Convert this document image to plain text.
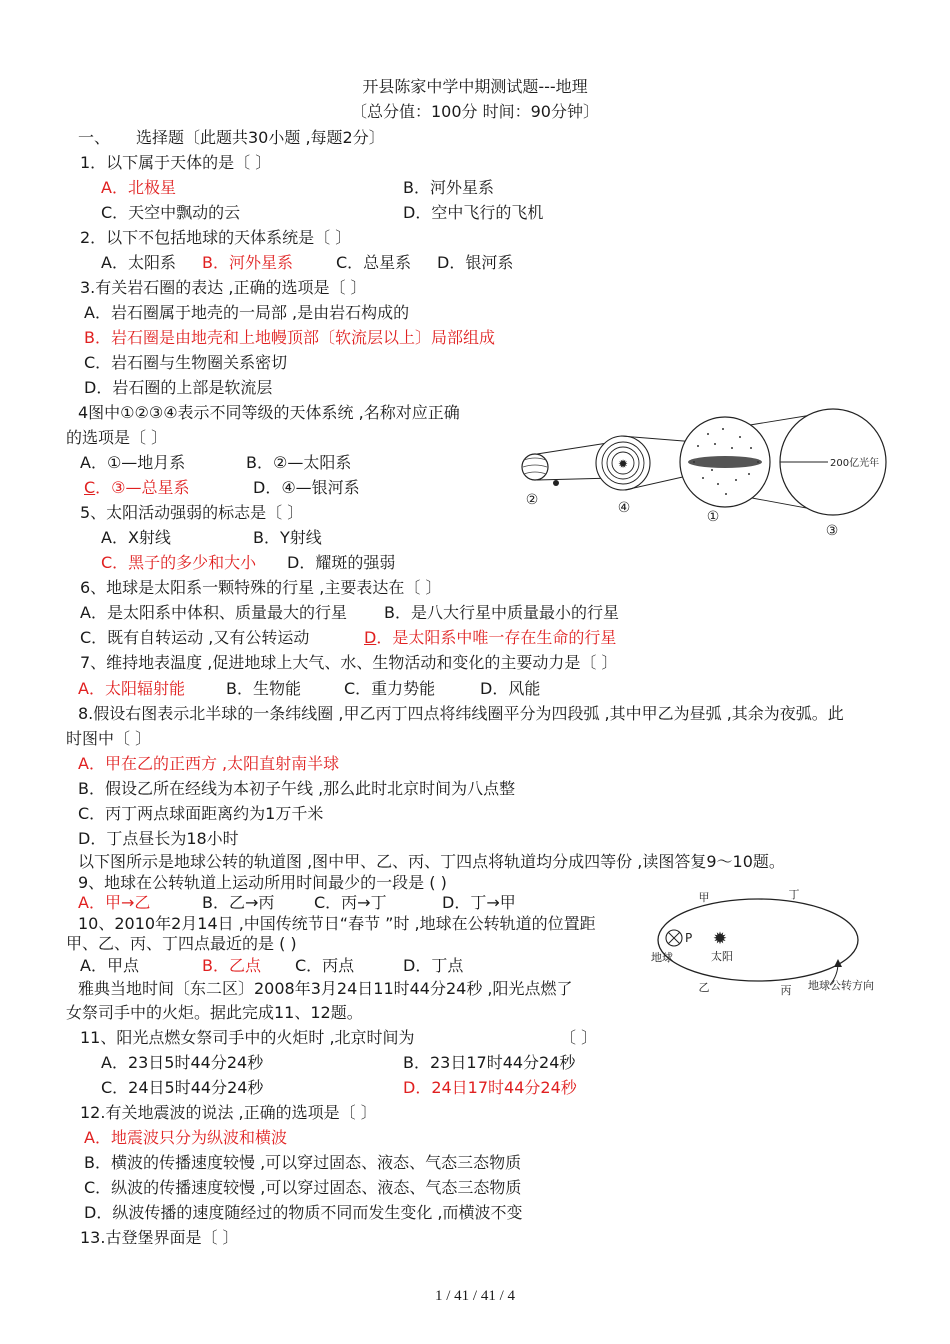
开县陈家中学中期测试题---地理
〔总分值：100分 时间：90分钟〕
一、 选择题〔此题共30小题 ,每题2分〕
1．以下属于天体的是〔 〕
A．北极星	B．河外星系
C．天空中飘动的云	D．空中飞行的飞机
2．以下不包括地球的天体系统是〔 〕
A．太阳系 B．河外星系	C．总星系 D．银河系
3.有关岩石圈的表达 ,正确的选项是〔 〕
A．岩石圈属于地壳的一局部 ,是由岩石构成的
B．岩石圈是由地壳和上地幔顶部〔软流层以上〕局部组成
C．岩石圈与生物圈关系密切
D．岩石圈的上部是软流层
4图中①②③④表示不同等级的天体系统 ,名称对应正确
的选项是〔 〕
A．①—地月系	B．②—太阳系
C．③—总星系	D．④—银河系
✹	200亿光年
②	④
①
③
5、太阳活动强弱的标志是〔 〕
A．X射线	B．Y射线
C．黑子的多少和大小 D．耀斑的强弱
6、地球是太阳系一颗特殊的行星 ,主要表达在〔 〕
A．是太阳系中体积、质量最大的行星 B．是八大行星中质量最小的行星
C．既有自转运动 ,又有公转运动	D．是太阳系中唯一存在生命的行星
7、维持地表温度 ,促进地球上大气、水、生物活动和变化的主要动力是〔 〕
A．太阳辐射能	B．生物能	C．重力势能	D．风能
8.假设右图表示北半球的一条纬线圈 ,甲乙丙丁四点将纬线圈平分为四段弧 ,其中甲乙为昼弧 ,其余为夜弧。此
时图中〔 〕
A．甲在乙的正西方 ,太阳直射南半球
B．假设乙所在经线为本初子午线 ,那么此时北京时间为八点整
C．丙丁两点球面距离约为1万千米
D．丁点昼长为18小时
以下图所示是地球公转的轨道图 ,图中甲、乙、丙、丁四点将轨道均分成四等份 ,读图答复9～10题。
9、地球在公转轨道上运动所用时间最少的一段是 ( )
A．甲→乙	B．乙→丙 C．丙→丁	D．丁→甲
10、2010年2月14日 ,中国传统节日“春节 ”时 ,地球在公转轨道的位置距
甲、乙、丙、丁四点最近的是 ( )
A．甲点	B．乙点 C．丙点	D．丁点
P ✹
太阳
地球
甲	丁
乙	丙 地球公转方向
雅典当地时间〔东二区〕2008年3月24日11时44分24秒 ,阳光点燃了
女祭司手中的火炬。据此完成11、12题。
11、阳光点燃女祭司手中的火炬时 ,北京时间为	〔 〕
A．23日5时44分24秒	B．23日17时44分24秒
C．24日5时44分24秒	D．24日17时44分24秒
12.有关地震波的说法 ,正确的选项是〔 〕
A．地震波只分为纵波和横波
B．横波的传播速度较慢 ,可以穿过固态、液态、气态三态物质
C．纵波的传播速度较慢 ,可以穿过固态、液态、气态三态物质
D．纵波传播的速度随经过的物质不同而发生变化 ,而横波不变
13.古登堡界面是〔 〕
1 / 41 / 41 / 4
